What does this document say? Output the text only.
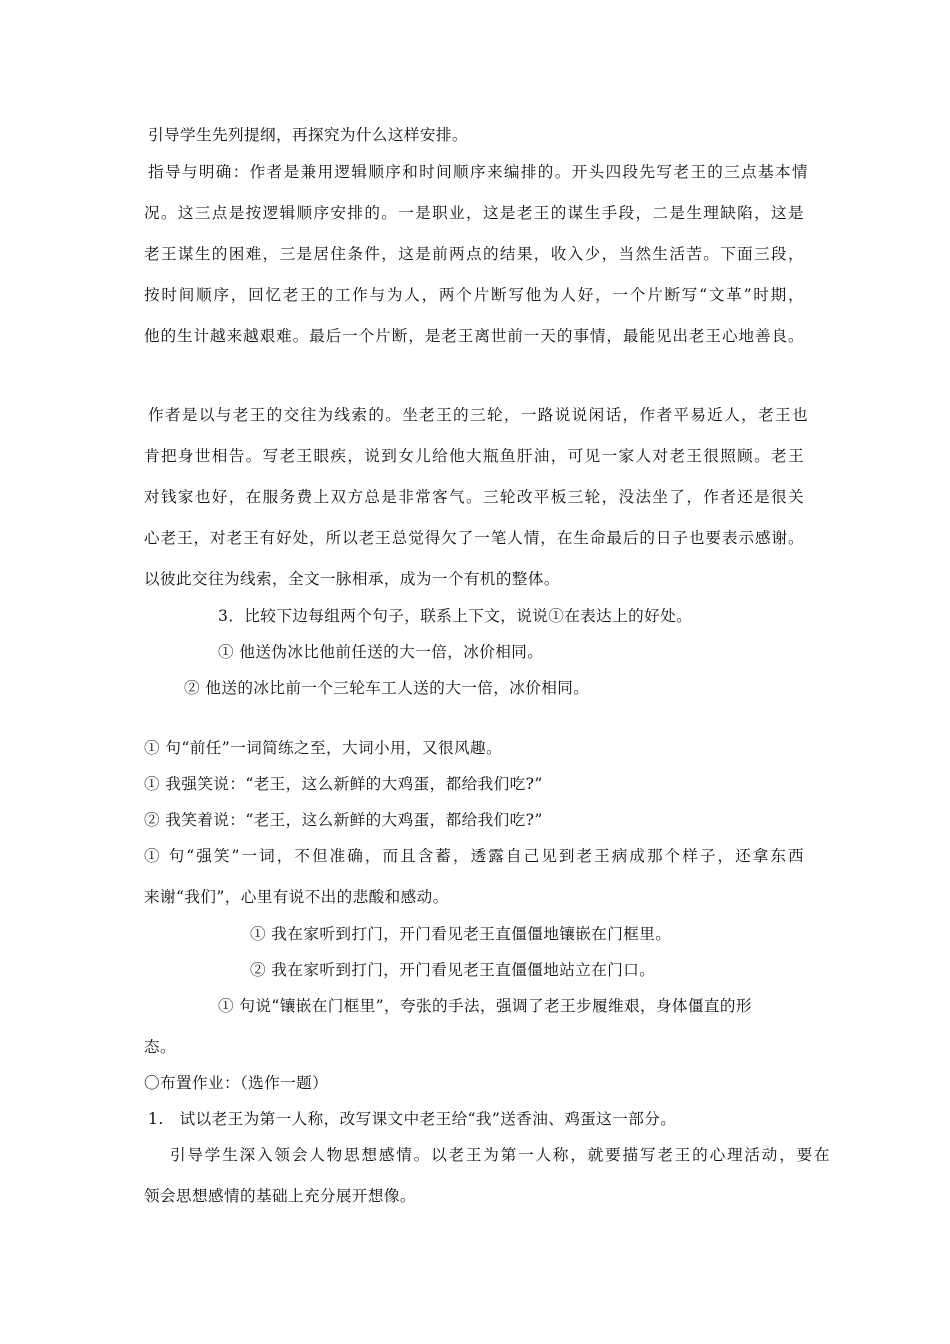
引导学生先列提纲，再探究为什么这样安排。

指导与明确：作者是兼用逻辑顺序和时间顺序来编排的。开头四段先写老王的三点基本情

况。这三点是按逻辑顺序安排的。一是职业，这是老王的谋生手段，二是生理缺陷，这是

老王谋生的困难，三是居住条件，这是前两点的结果，收入少，当然生活苦。下面三段，

按时间顺序，回忆老王的工作与为人，两个片断写他为人好，一个片断写“文革”时期，

他的生计越来越艰难。最后一个片断，是老王离世前一天的事情，最能见出老王心地善良。

作者是以与老王的交往为线索的。坐老王的三轮，一路说说闲话，作者平易近人，老王也

肯把身世相告。写老王眼疾，说到女儿给他大瓶鱼肝油，可见一家人对老王很照顾。老王

对钱家也好，在服务费上双方总是非常客气。三轮改平板三轮，没法坐了，作者还是很关

心老王，对老王有好处，所以老王总觉得欠了一笔人情，在生命最后的日子也要表示感谢。

以彼此交往为线索，全文一脉相承，成为一个有机的整体。

3．比较下边每组两个句子，联系上下文，说说①在表达上的好处。

① 他送伪冰比他前任送的大一倍，冰价相同。

② 他送的冰比前一个三轮车工人送的大一倍，冰价相同。

① 句“前任”一词简练之至，大词小用，又很风趣。

① 我强笑说：“老王，这么新鲜的大鸡蛋，都给我们吃?”

② 我笑着说：“老王，这么新鲜的大鸡蛋，都给我们吃?”

① 句“强笑”一词，不但准确，而且含蓄，透露自己见到老王病成那个样子，还拿东西

来谢“我们”，心里有说不出的悲酸和感动。

① 我在家听到打门，开门看见老王直僵僵地镶嵌在门框里。

② 我在家听到打门，开门看见老王直僵僵地站立在门口。

① 句说“镶嵌在门框里”，夸张的手法，强调了老王步履维艰，身体僵直的形

态。

〇布置作业：（选作一题）

1.　试以老王为第一人称，改写课文中老王给“我”送香油、鸡蛋这一部分。

引导学生深入领会人物思想感情。以老王为第一人称，就要描写老王的心理活动，要在

领会思想感情的基础上充分展开想像。
